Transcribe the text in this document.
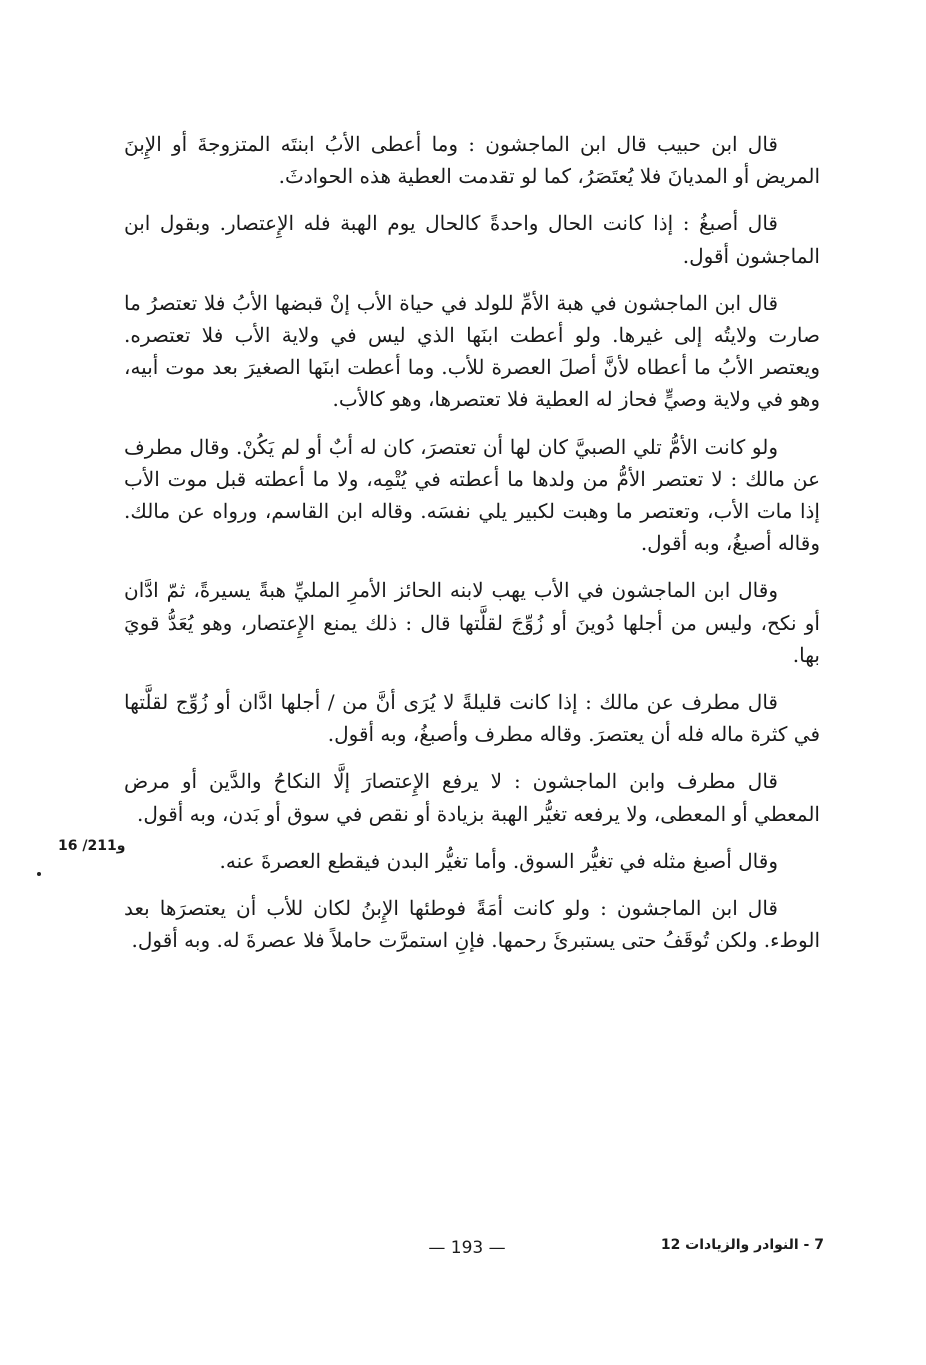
قال ابن حبيب قال ابن الماجشون : وما أعطى الأبُ ابنتَه المتزوجةَ أو الإِبنَ المريض أو المديانَ فلا يُعتَصَرُ، كما لو تقدمت العطية هذه الحوادثَ.

قال أصبغُ : إذا كانت الحال واحدةً كالحال يوم الهبة فله الإِعتصار. وبقول ابن الماجشون أقول.

قال ابن الماجشون في هبة الأمِّ للولد في حياة الأب إنْ قبضها الأبُ فلا تعتصرُ ما صارت ولايتُه إلى غيرها. ولو أعطت ابنَها الذي ليس في ولاية الأب فلا تعتصره. ويعتصر الأبُ ما أعطاه لأنَّ أصلَ العصرة للأب. وما أعطت ابنَها الصغيرَ بعد موت أبيه، وهو في ولاية وصيٍّ فحاز له العطية فلا تعتصرها، وهو كالأب.

ولو كانت الأمُّ تلي الصبيَّ كان لها أن تعتصرَ، كان له أبٌ أو لم يَكُنْ. وقال مطرف عن مالك : لا تعتصر الأمُّ من ولدها ما أعطته في يُتْمِه، ولا ما أعطته قبل موت الأب إذا مات الأب، وتعتصر ما وهبت لكبير يلي نفسَه. وقاله ابن القاسم، ورواه عن مالك. وقاله أصبغُ، وبه أقول.

وقال ابن الماجشون في الأب يهب لابنه الحائز الأمرِ المليِّ هبةً يسيرةً، ثمّ ادَّان أو نكح، وليس من أجلها دُوينَ أو زُوِّجَ لقلَّتها قال : ذلك يمنع الإِعتصار، وهو يُعَدُّ قويَ بها.

قال مطرف عن مالك : إذا كانت قليلةً لا يُرَى أنَّ من / أجلها ادَّان أو زُوِّج لقلَّتها في كثرة ماله فله أن يعتصرَ. وقاله مطرف وأصبغُ، وبه أقول.

قال مطرف وابن الماجشون : لا يرفع الإِعتصارَ إلَّا النكاحُ والدَّين أو مرض المعطي أو المعطى، ولا يرفعه تغيُّر الهبة بزيادة أو نقص في سوق أو بَدن، وبه أقول.

وقال أصبغ مثله في تغيُّر السوق. وأما تغيُّر البدن فيقطع العصرةَ عنه.

قال ابن الماجشون : ولو كانت أمَةً فوطئها الإِبنُ لكان للأب أن يعتصرَها بعد الوطء. ولكن تُوقَفُ حتى يستبرئَ رحمها. فإنِ استمرَّت حاملاً فلا عصرةَ له. وبه أقول.

16 /211و
— 193 —	7 - النوادر والزيادات 12
